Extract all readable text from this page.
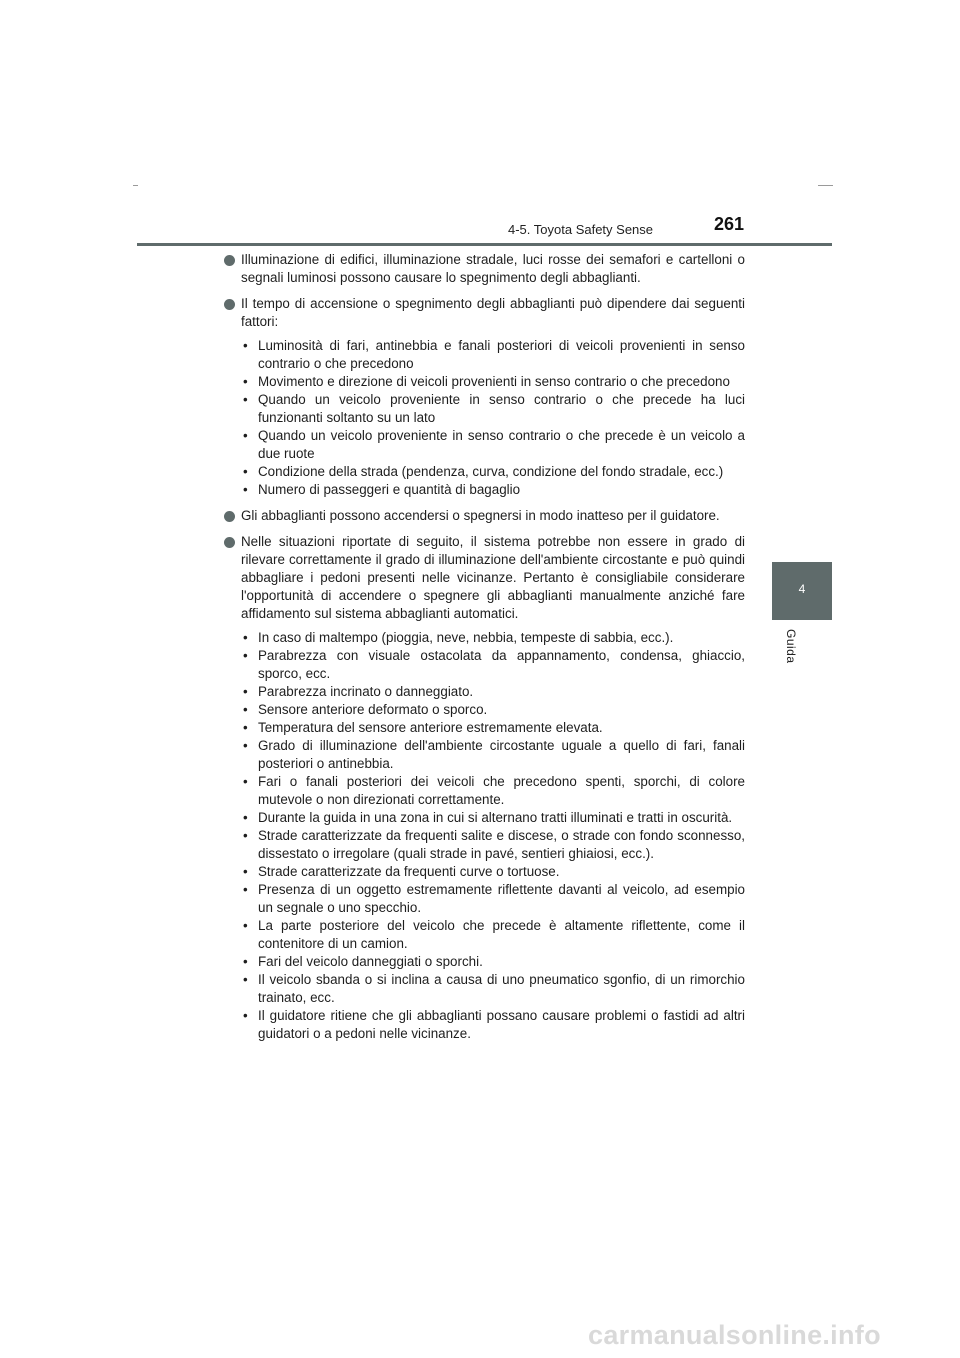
4-5. Toyota Safety Sense	261
4
Guida
Illuminazione di edifici, illuminazione stradale, luci rosse dei semafori e cartelloni o segnali luminosi possono causare lo spegnimento degli abbaglianti.
Il tempo di accensione o spegnimento degli abbaglianti può dipendere dai seguenti fattori:
• Luminosità di fari, antinebbia e fanali posteriori di veicoli provenienti in senso contrario o che precedono
• Movimento e direzione di veicoli provenienti in senso contrario o che precedono
• Quando un veicolo proveniente in senso contrario o che precede ha luci funzionanti soltanto su un lato
• Quando un veicolo proveniente in senso contrario o che precede è un veicolo a due ruote
• Condizione della strada (pendenza, curva, condizione del fondo stradale, ecc.)
• Numero di passeggeri e quantità di bagaglio
Gli abbaglianti possono accendersi o spegnersi in modo inatteso per il guidatore.
Nelle situazioni riportate di seguito, il sistema potrebbe non essere in grado di rilevare correttamente il grado di illuminazione dell'ambiente circostante e può quindi abbagliare i pedoni presenti nelle vicinanze. Pertanto è consigliabile considerare l'opportunità di accendere o spegnere gli abbaglianti manualmente anziché fare affidamento sul sistema abbaglianti automatici.
• In caso di maltempo (pioggia, neve, nebbia, tempeste di sabbia, ecc.).
• Parabrezza con visuale ostacolata da appannamento, condensa, ghiaccio, sporco, ecc.
• Parabrezza incrinato o danneggiato.
• Sensore anteriore deformato o sporco.
• Temperatura del sensore anteriore estremamente elevata.
• Grado di illuminazione dell'ambiente circostante uguale a quello di fari, fanali posteriori o antinebbia.
• Fari o fanali posteriori dei veicoli che precedono spenti, sporchi, di colore mutevole o non direzionati correttamente.
• Durante la guida in una zona in cui si alternano tratti illuminati e tratti in oscurità.
• Strade caratterizzate da frequenti salite e discese, o strade con fondo sconnesso, dissestato o irregolare (quali strade in pavé, sentieri ghiaiosi, ecc.).
• Strade caratterizzate da frequenti curve o tortuose.
• Presenza di un oggetto estremamente riflettente davanti al veicolo, ad esempio un segnale o uno specchio.
• La parte posteriore del veicolo che precede è altamente riflettente, come il contenitore di un camion.
• Fari del veicolo danneggiati o sporchi.
• Il veicolo sbanda o si inclina a causa di uno pneumatico sgonfio, di un rimorchio trainato, ecc.
• Il guidatore ritiene che gli abbaglianti possano causare problemi o fastidi ad altri guidatori o a pedoni nelle vicinanze.
carmanualsonline.info
